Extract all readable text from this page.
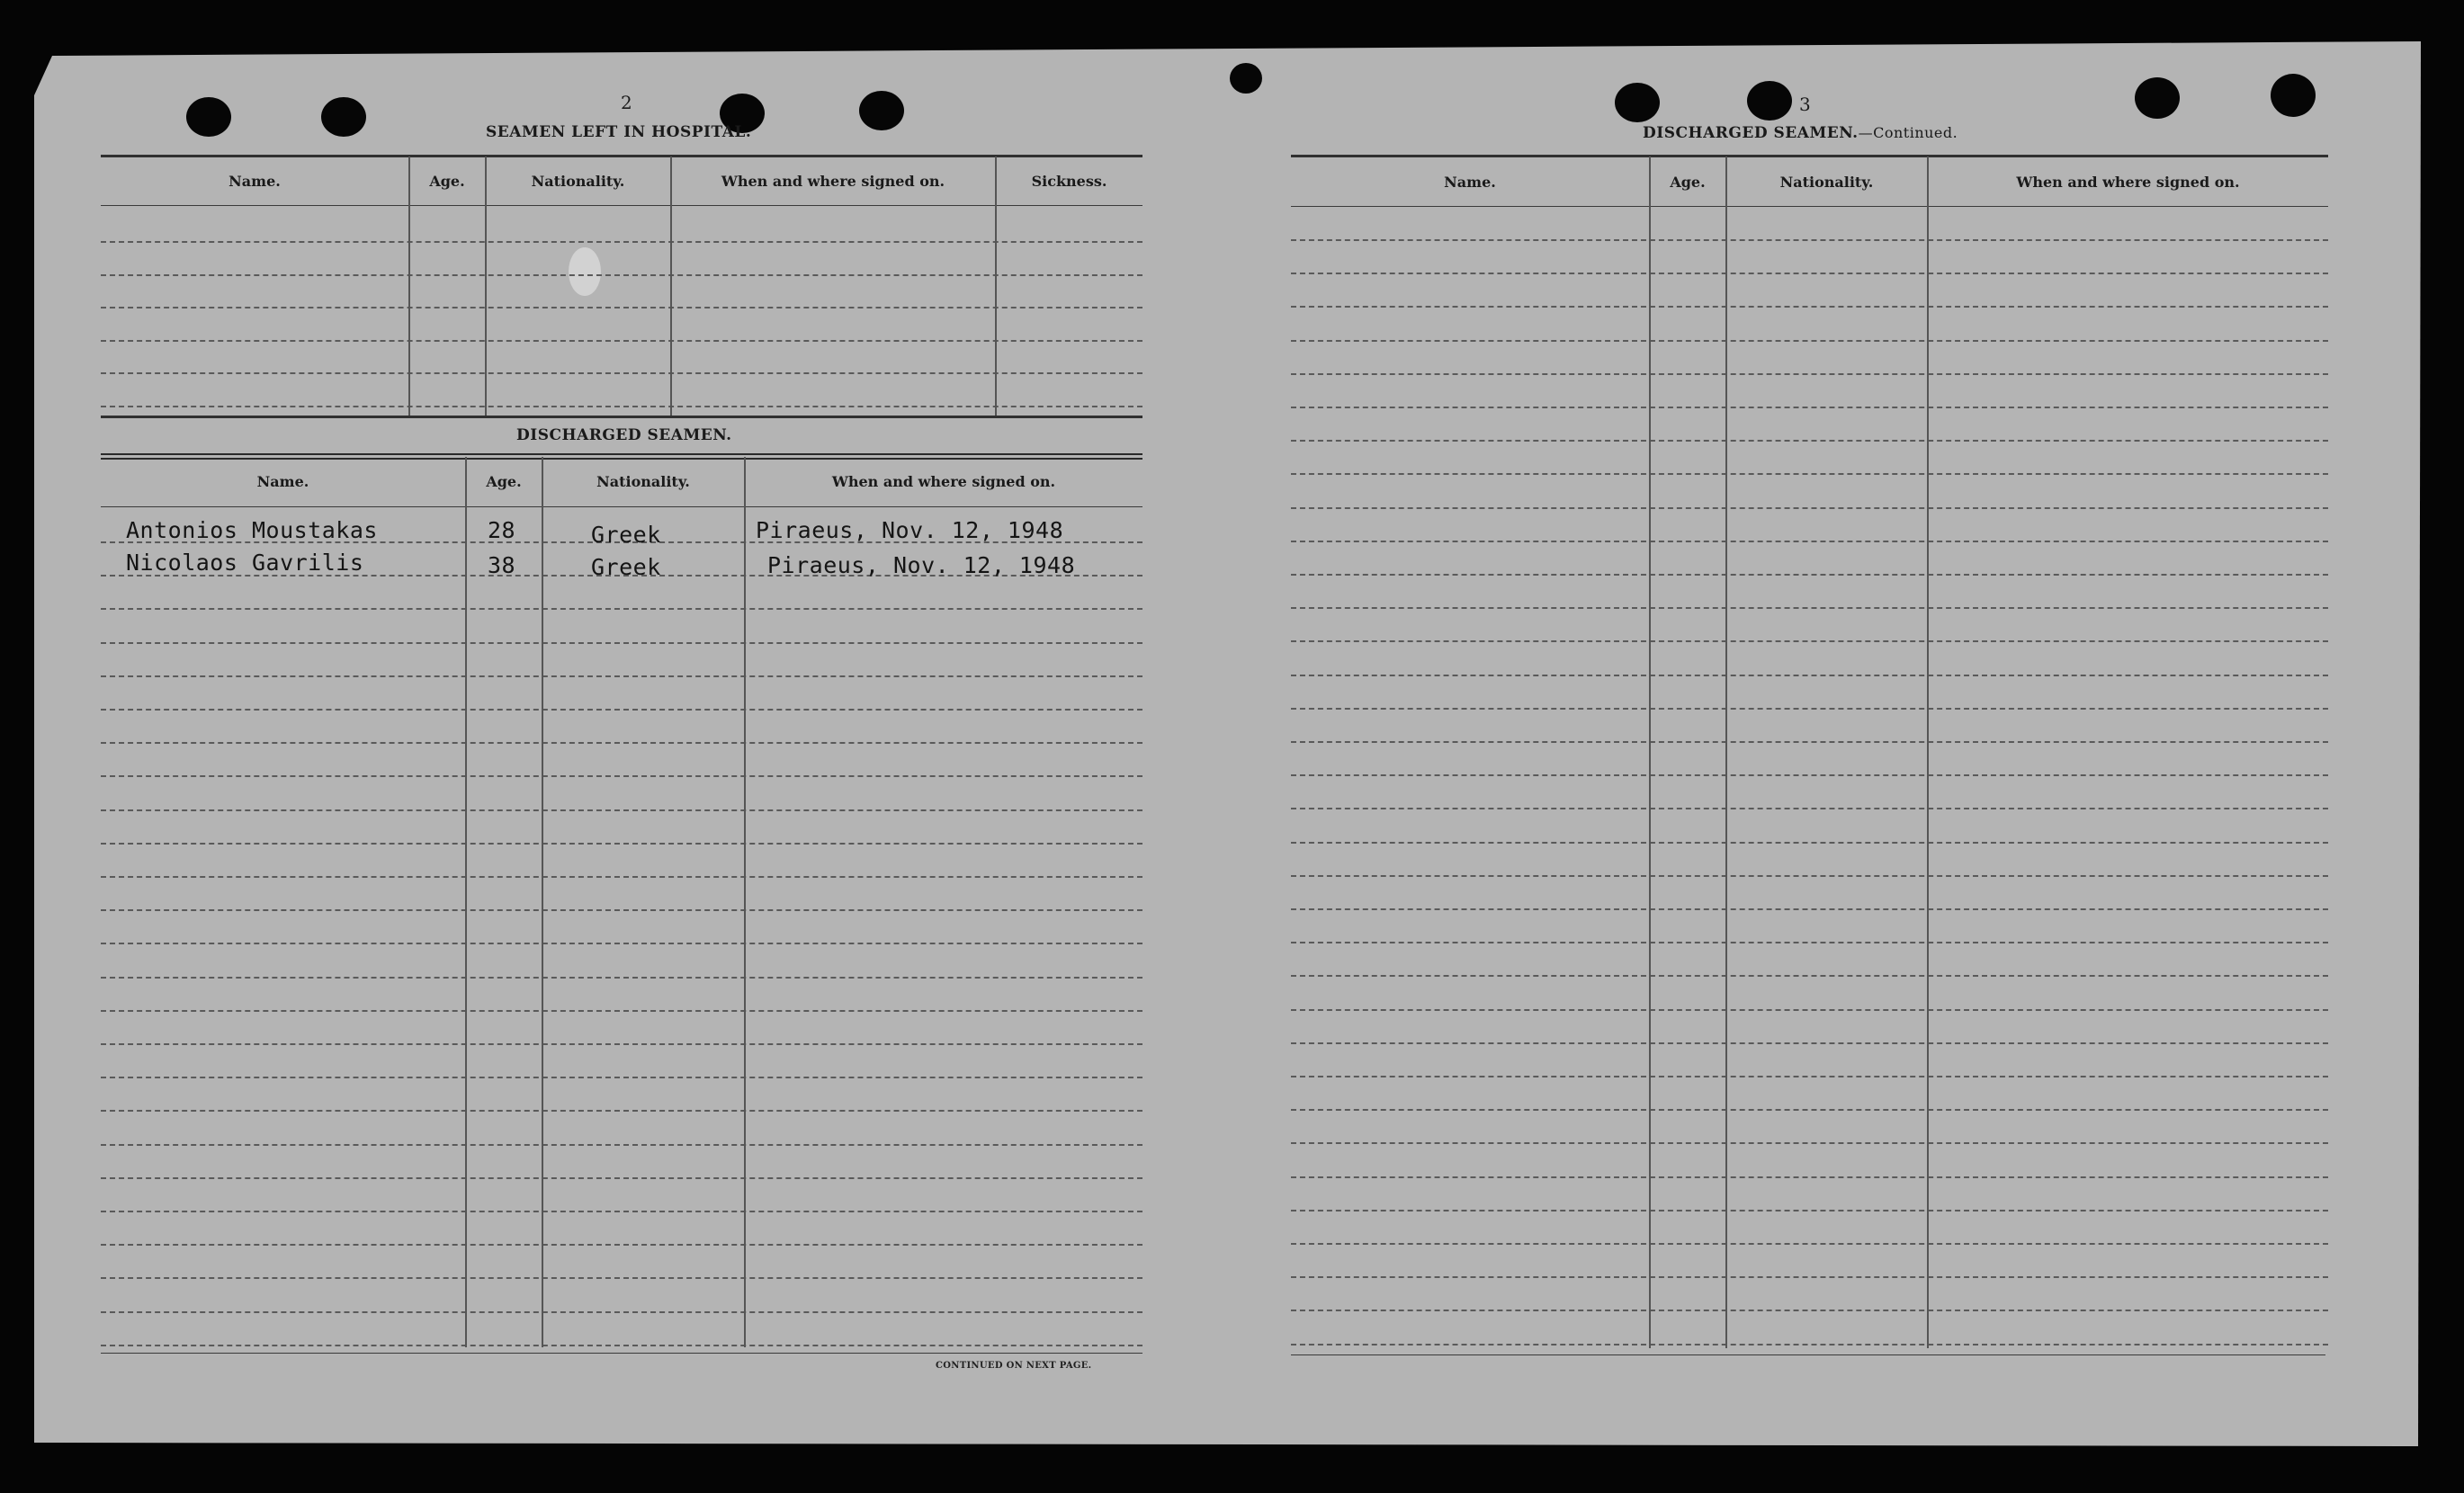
2
SEAMEN LEFT IN HOSPITAL.
Name.	Age.	Nationality.	When and where signed on.	Sickness.
DISCHARGED SEAMEN.
Name.	Age.	Nationality.	When and where signed on.
Antonios Moustakas	28	Greek	Piraeus, Nov. 12, 1948
Nicolaos Gavrilis	38	Greek	Piraeus, Nov. 12, 1948
CONTINUED ON NEXT PAGE.
3
DISCHARGED SEAMEN.—Continued.
Name.	Age.	Nationality.	When and where signed on.
